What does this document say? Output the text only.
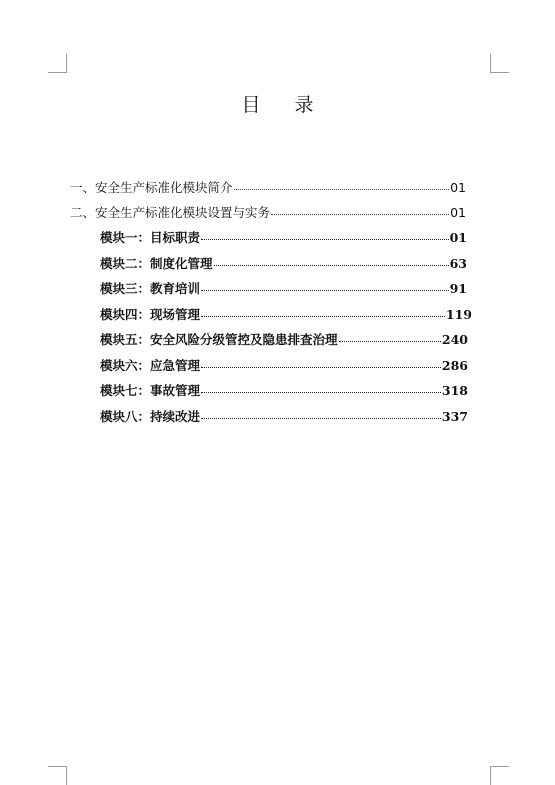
目 录
一、安全生产标准化模块简介	01
二、安全生产标准化模块设置与实务	01
模块一：目标职责	01
模块二：制度化管理	63
模块三：教育培训	91
模块四：现场管理	119
模块五：安全风险分级管控及隐患排查治理	240
模块六：应急管理	286
模块七：事故管理	318
模块八：持续改进	337
